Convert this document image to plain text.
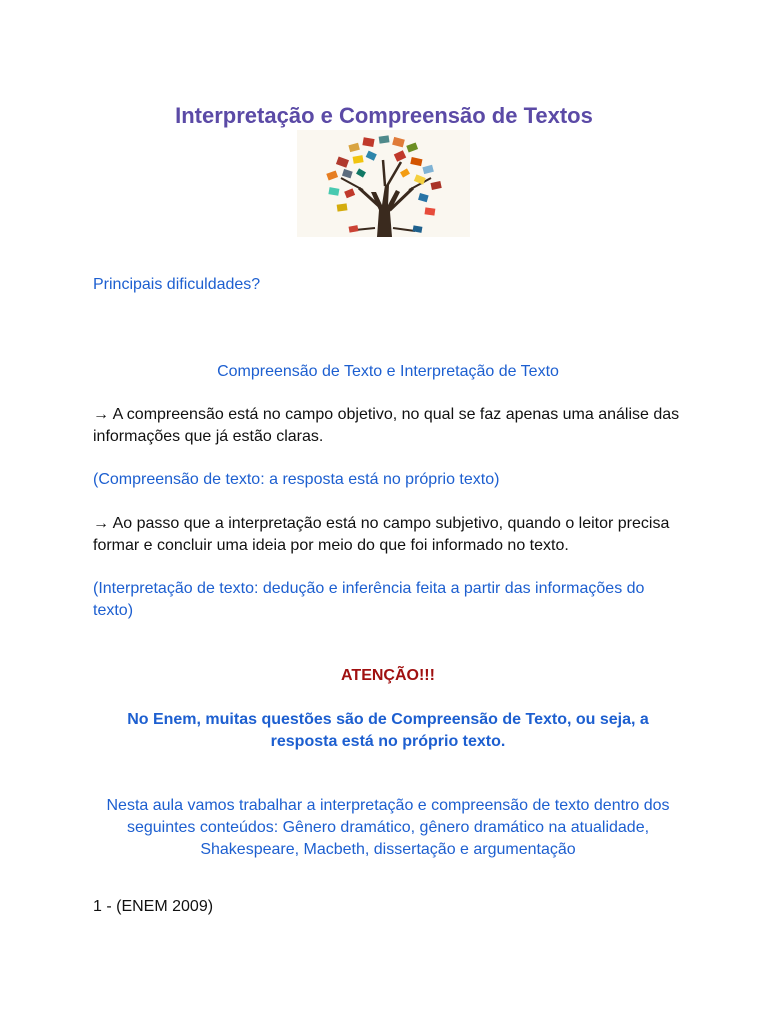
Interpretação e Compreensão de Textos

Principais dificuldades?

Compreensão de Texto e Interpretação de Texto

→ A compreensão está no campo objetivo, no qual se faz apenas uma análise das informações que já estão claras.

(Compreensão de texto: a resposta está no próprio texto)

→ Ao passo que a interpretação está no campo subjetivo, quando o leitor precisa formar e concluir uma ideia por meio do que foi informado no texto.

(Interpretação de texto: dedução e inferência feita a partir das informações do texto)

ATENÇÃO!!!

No Enem, muitas questões são de Compreensão de Texto, ou seja, a resposta está no próprio texto.

Nesta aula vamos trabalhar a interpretação e compreensão de texto dentro dos seguintes conteúdos: Gênero dramático, gênero dramático na atualidade, Shakespeare, Macbeth, dissertação e argumentação

1 - (ENEM 2009)
